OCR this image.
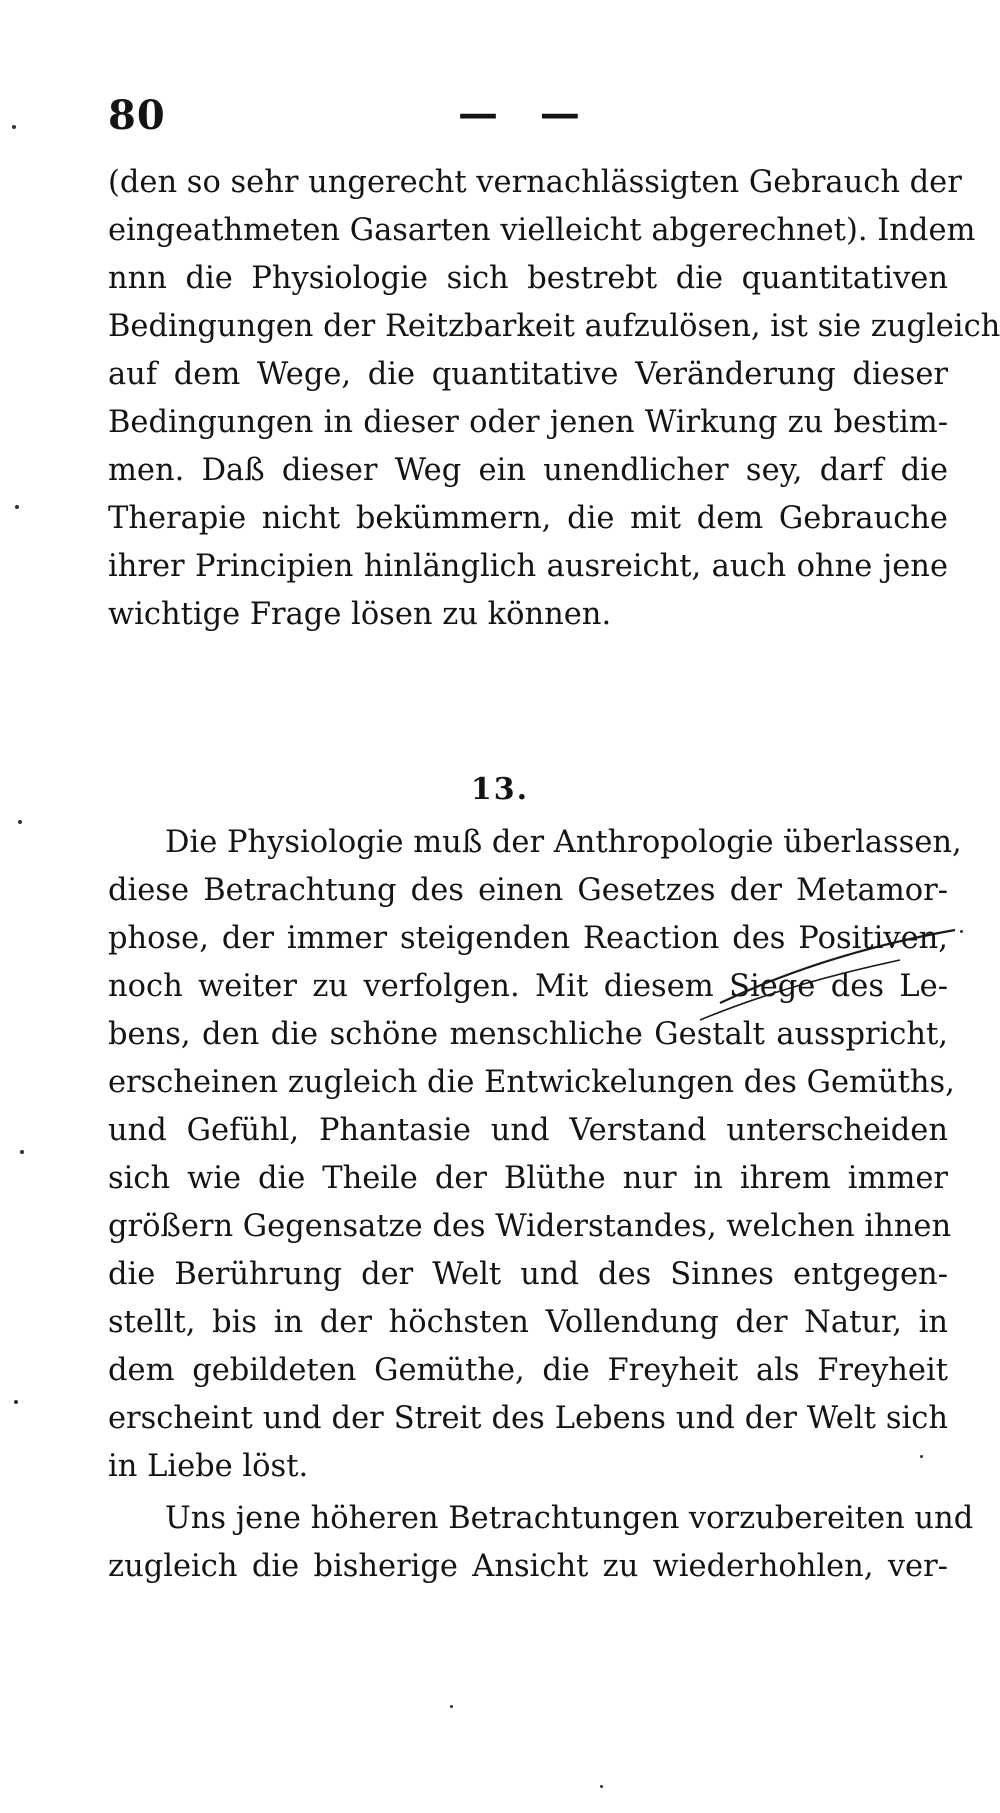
80	— —
(den so sehr ungerecht vernachlässigten Gebrauch der
eingeathmeten Gasarten vielleicht abgerechnet). Indem
nnn die Physiologie sich bestrebt die quantitativen
Bedingungen der Reitzbarkeit aufzulösen, ist sie zugleich
auf dem Wege, die quantitative Veränderung dieser
Bedingungen in dieser oder jenen Wirkung zu bestim-
men. Daß dieser Weg ein unendlicher sey, darf die
Therapie nicht bekümmern, die mit dem Gebrauche
ihrer Principien hinlänglich ausreicht, auch ohne jene
wichtige Frage lösen zu können.
13.
Die Physiologie muß der Anthropologie überlassen,
diese Betrachtung des einen Gesetzes der Metamor-
phose, der immer steigenden Reaction des Positiven,
noch weiter zu verfolgen. Mit diesem Siege des Le-
bens, den die schöne menschliche Gestalt ausspricht,
erscheinen zugleich die Entwickelungen des Gemüths,
und Gefühl, Phantasie und Verstand unterscheiden
sich wie die Theile der Blüthe nur in ihrem immer
größern Gegensatze des Widerstandes, welchen ihnen
die Berührung der Welt und des Sinnes entgegen-
stellt, bis in der höchsten Vollendung der Natur, in
dem gebildeten Gemüthe, die Freyheit als Freyheit
erscheint und der Streit des Lebens und der Welt sich
in Liebe löst.
Uns jene höheren Betrachtungen vorzubereiten und
zugleich die bisherige Ansicht zu wiederhohlen, ver-
